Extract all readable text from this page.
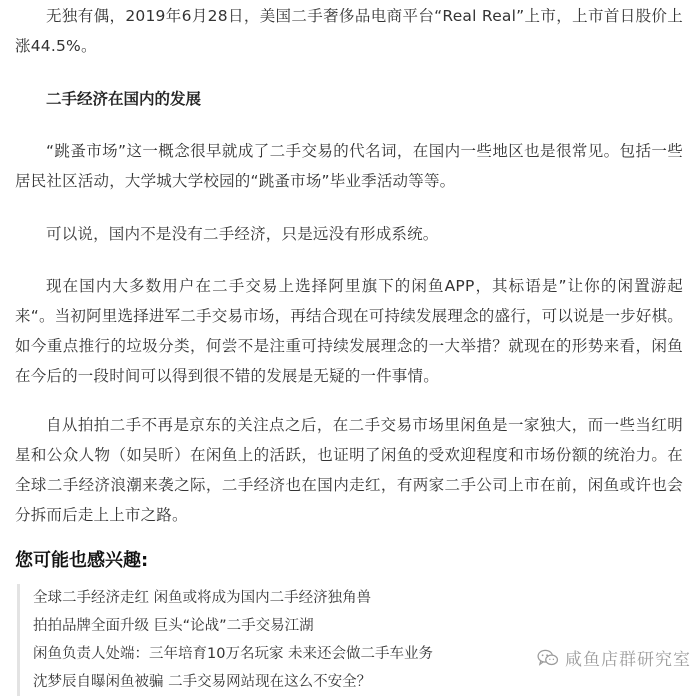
无独有偶，2019年6月28日，美国二手奢侈品电商平台“Real Real”上市，上市首日股价上涨44.5%。

二手经济在国内的发展

“跳蚤市场”这一概念很早就成了二手交易的代名词，在国内一些地区也是很常见。包括一些居民社区活动，大学城大学校园的“跳蚤市场”毕业季活动等等。

可以说，国内不是没有二手经济，只是远没有形成系统。

现在国内大多数用户在二手交易上选择阿里旗下的闲鱼APP，其标语是”让你的闲置游起来“。当初阿里选择进军二手交易市场，再结合现在可持续发展理念的盛行，可以说是一步好棋。如今重点推行的垃圾分类，何尝不是注重可持续发展理念的一大举措？就现在的形势来看，闲鱼在今后的一段时间可以得到很不错的发展是无疑的一件事情。

自从拍拍二手不再是京东的关注点之后，在二手交易市场里闲鱼是一家独大，而一些当红明星和公众人物（如吴昕）在闲鱼上的活跃，也证明了闲鱼的受欢迎程度和市场份额的统治力。在全球二手经济浪潮来袭之际，二手经济也在国内走红，有两家二手公司上市在前，闲鱼或许也会分拆而后走上上市之路。

您可能也感兴趣:
全球二手经济走红 闲鱼或将成为国内二手经济独角兽
拍拍品牌全面升级 巨头“论战”二手交易江湖
闲鱼负责人处端：三年培育10万名玩家 未来还会做二手车业务
沈梦辰自曝闲鱼被骗 二手交易网站现在这么不安全？
咸鱼店群研究室
